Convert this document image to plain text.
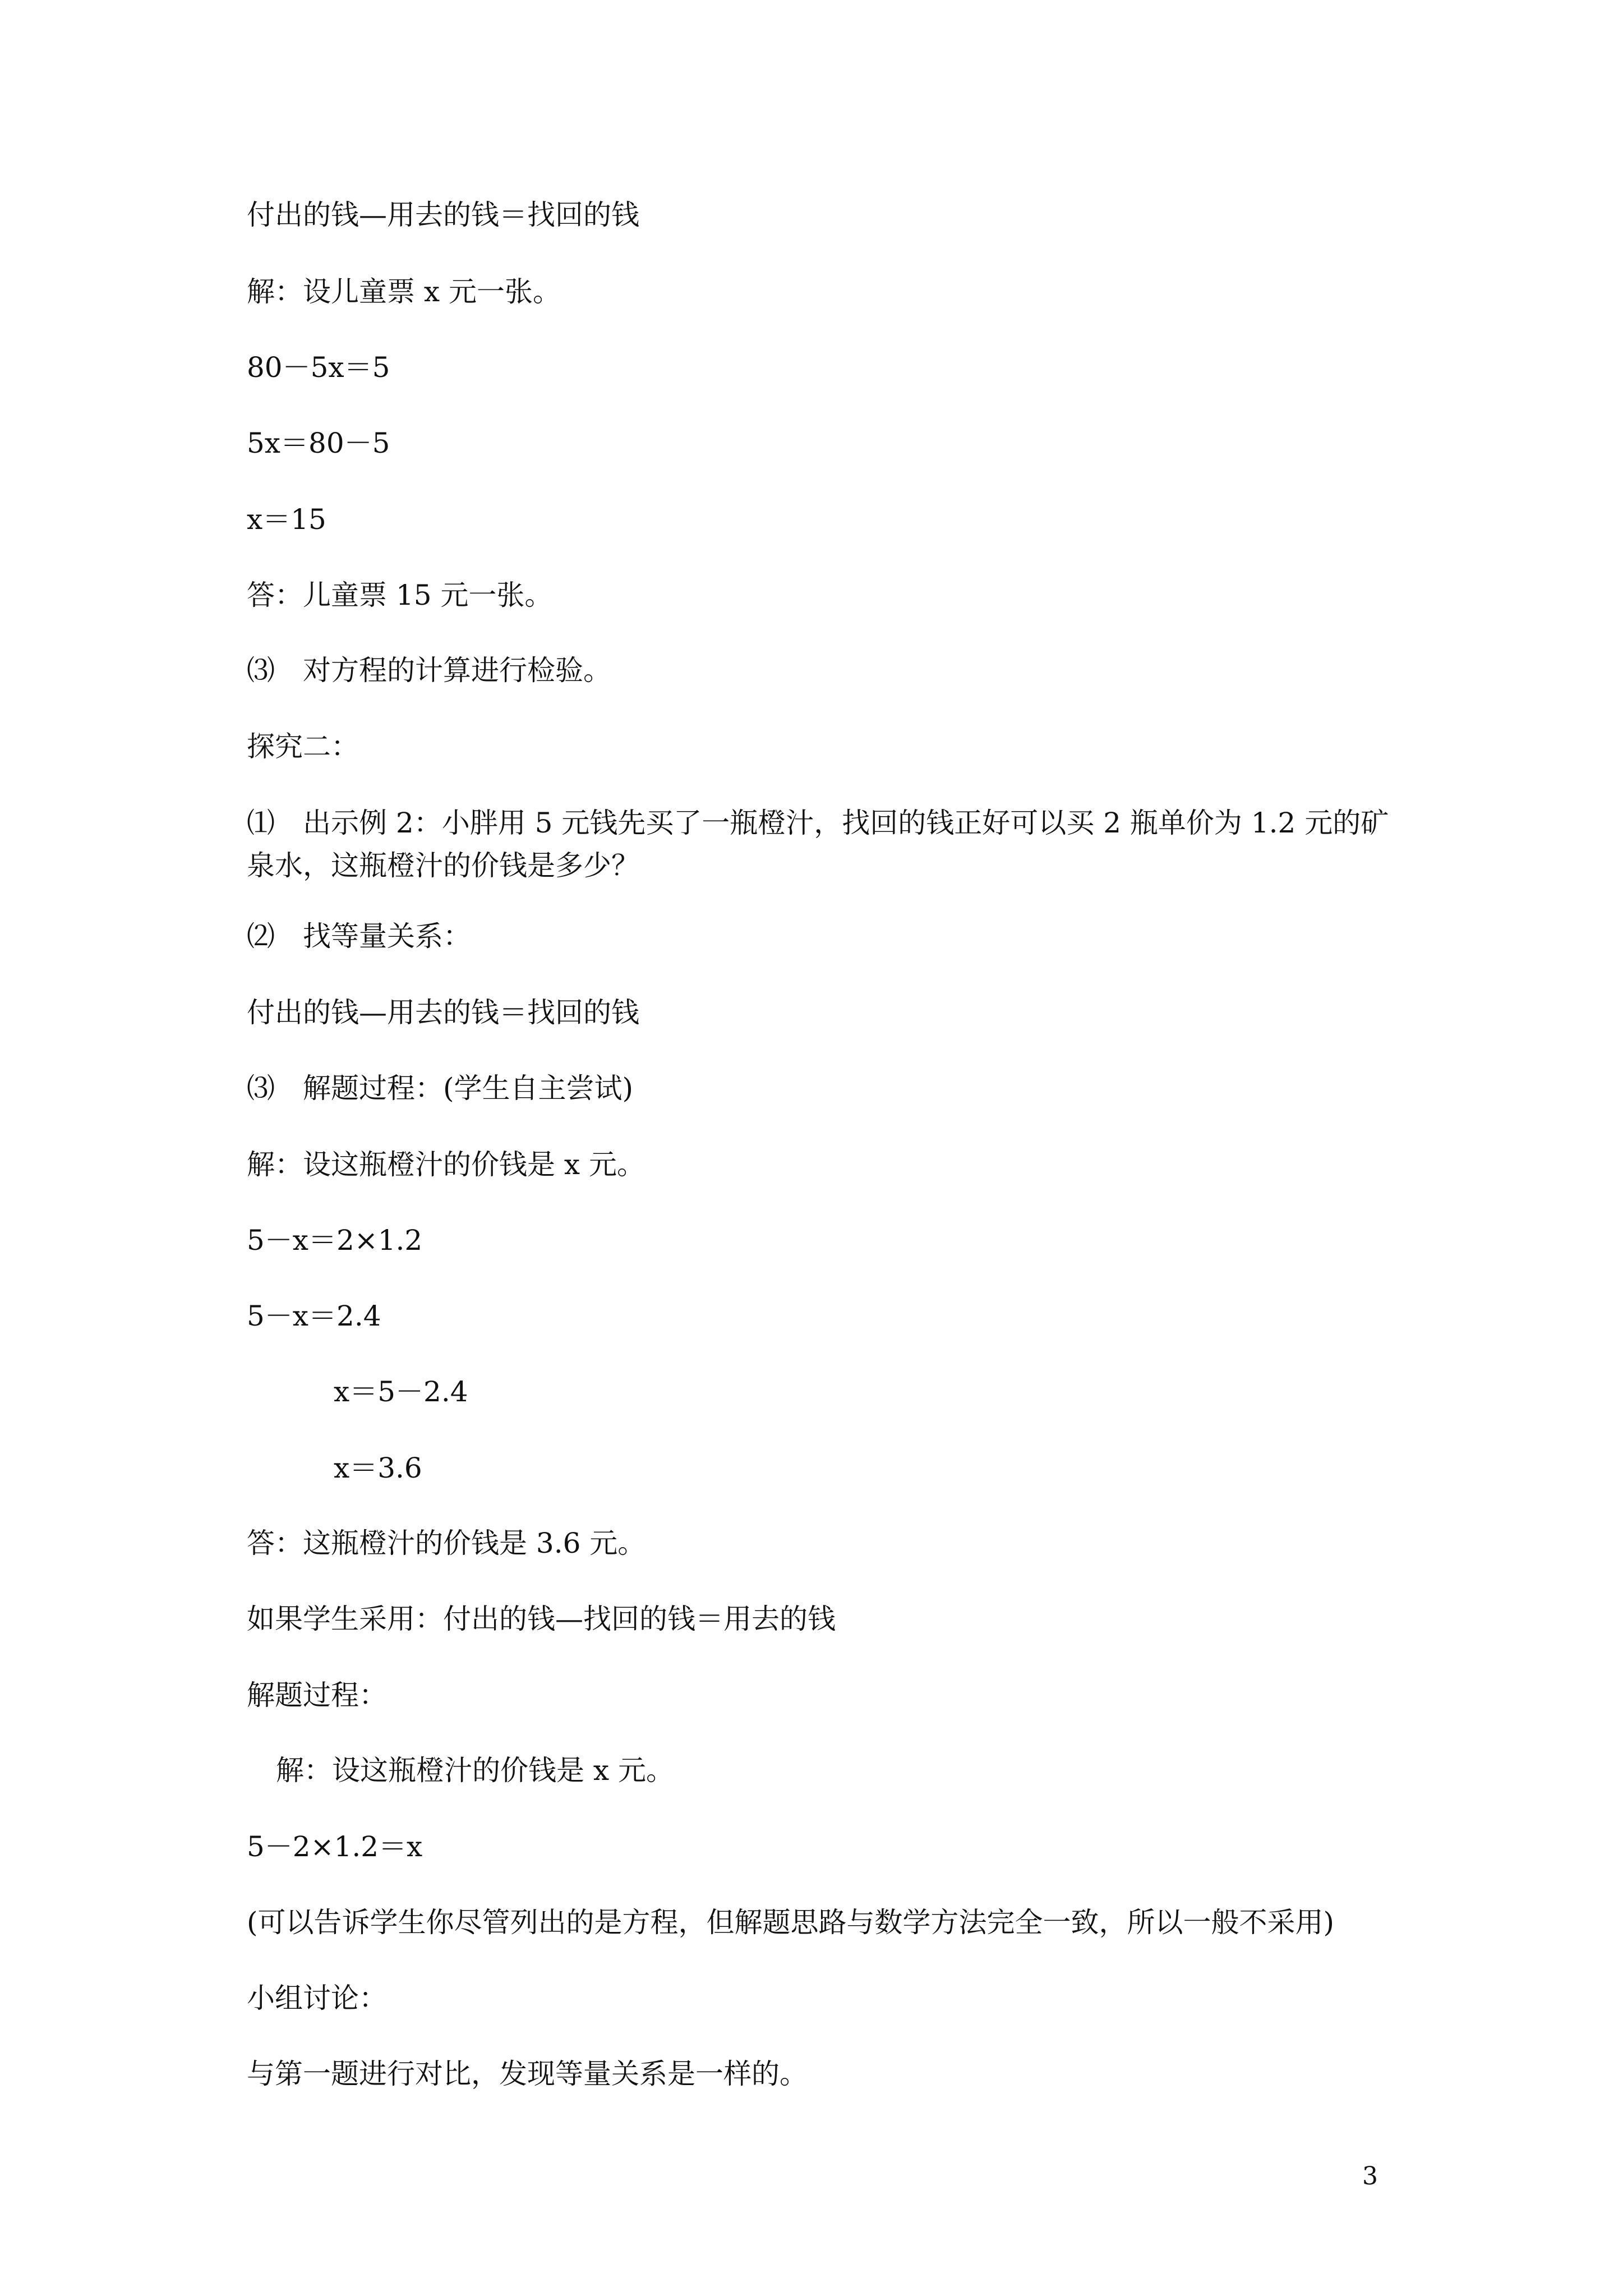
付出的钱—用去的钱＝找回的钱

解：设儿童票 x 元一张。

80－5x＝5

5x＝80－5

x＝15

答：儿童票 15 元一张。

⑶　对方程的计算进行检验。

探究二：

⑴　出示例 2：小胖用 5 元钱先买了一瓶橙汁，找回的钱正好可以买 2 瓶单价为 1.2 元的矿

泉水，这瓶橙汁的价钱是多少？

⑵　找等量关系：

付出的钱—用去的钱＝找回的钱

⑶　解题过程：(学生自主尝试)

解：设这瓶橙汁的价钱是 x 元。

5－x＝2×1.2

5－x＝2.4

x＝5－2.4

x＝3.6

答：这瓶橙汁的价钱是 3.6 元。

如果学生采用：付出的钱—找回的钱＝用去的钱

解题过程：

解：设这瓶橙汁的价钱是 x 元。

5－2×1.2＝x

(可以告诉学生你尽管列出的是方程，但解题思路与数学方法完全一致，所以一般不采用)

小组讨论：

与第一题进行对比，发现等量关系是一样的。

3
